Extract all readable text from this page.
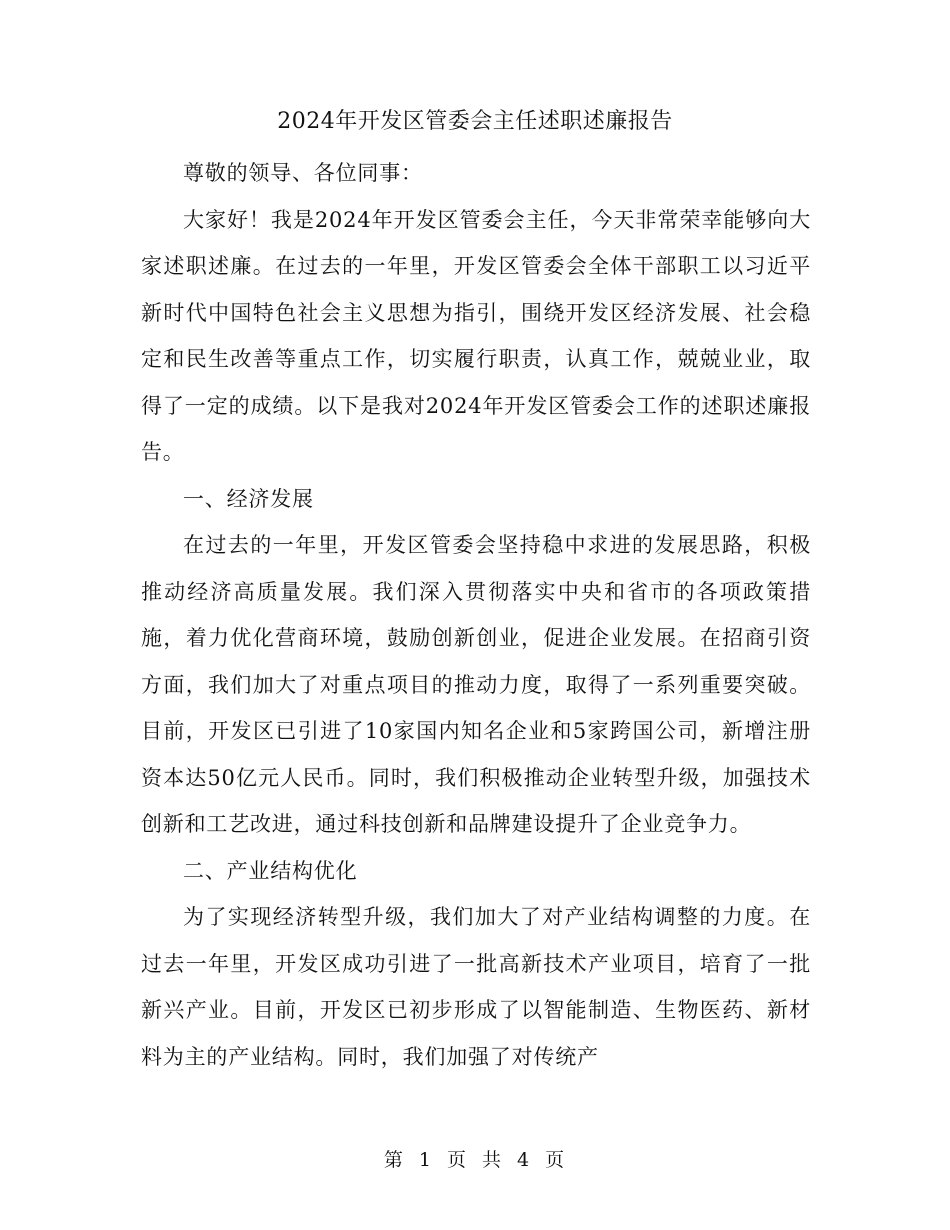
2024年开发区管委会主任述职述廉报告

尊敬的领导、各位同事：

大家好！我是2024年开发区管委会主任，今天非常荣幸能够向大家述职述廉。在过去的一年里，开发区管委会全体干部职工以习近平新时代中国特色社会主义思想为指引，围绕开发区经济发展、社会稳定和民生改善等重点工作，切实履行职责，认真工作，兢兢业业，取得了一定的成绩。以下是我对2024年开发区管委会工作的述职述廉报告。

一、经济发展

在过去的一年里，开发区管委会坚持稳中求进的发展思路，积极推动经济高质量发展。我们深入贯彻落实中央和省市的各项政策措施，着力优化营商环境，鼓励创新创业，促进企业发展。在招商引资方面，我们加大了对重点项目的推动力度，取得了一系列重要突破。目前，开发区已引进了10家国内知名企业和5家跨国公司，新增注册资本达50亿元人民币。同时，我们积极推动企业转型升级，加强技术创新和工艺改进，通过科技创新和品牌建设提升了企业竞争力。

二、产业结构优化

为了实现经济转型升级，我们加大了对产业结构调整的力度。在过去一年里，开发区成功引进了一批高新技术产业项目，培育了一批新兴产业。目前，开发区已初步形成了以智能制造、生物医药、新材料为主的产业结构。同时，我们加强了对传统产

第 1 页 共 4 页
